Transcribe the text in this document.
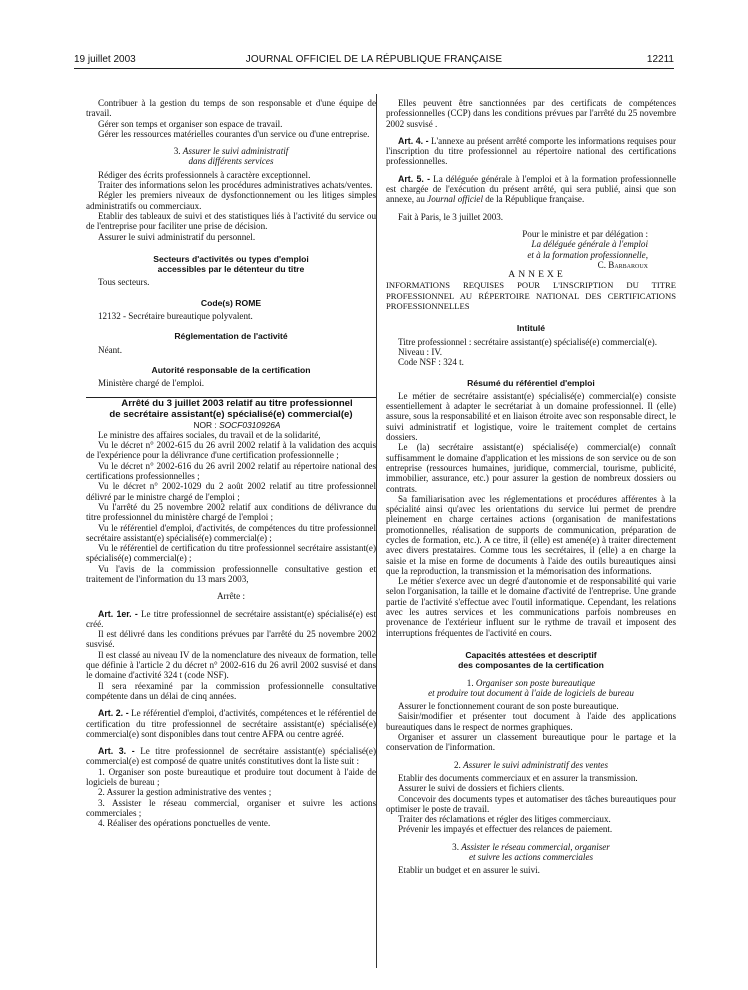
19 juillet 2003	JOURNAL OFFICIEL DE LA RÉPUBLIQUE FRANÇAISE	12211

Contribuer à la gestion du temps de son responsable et d'une équipe de travail.

Gérer son temps et organiser son espace de travail.

Gérer les ressources matérielles courantes d'un service ou d'une entreprise.

3. Assurer le suivi administratif
dans différents services

Rédiger des écrits professionnels à caractère exceptionnel.

Traiter des informations selon les procédures administratives achats/ventes.

Régler les premiers niveaux de dysfonctionnement ou les litiges simples administratifs ou commerciaux.

Etablir des tableaux de suivi et des statistiques liés à l'activité du service ou de l'entreprise pour faciliter une prise de décision.

Assurer le suivi administratif du personnel.

Secteurs d'activités ou types d'emploi
accessibles par le détenteur du titre

Tous secteurs.

Code(s) ROME

12132 - Secrétaire bureautique polyvalent.

Réglementation de l'activité

Néant.

Autorité responsable de la certification

Ministère chargé de l'emploi.

Arrêté du 3 juillet 2003 relatif au titre professionnel
de secrétaire assistant(e) spécialisé(e) commercial(e)

NOR : SOCF0310926A

Le ministre des affaires sociales, du travail et de la solidarité,

Vu le décret n° 2002-615 du 26 avril 2002 relatif à la validation des acquis de l'expérience pour la délivrance d'une certification professionnelle ;

Vu le décret n° 2002-616 du 26 avril 2002 relatif au répertoire national des certifications professionnelles ;

Vu le décret n° 2002-1029 du 2 août 2002 relatif au titre professionnel délivré par le ministre chargé de l'emploi ;

Vu l'arrêté du 25 novembre 2002 relatif aux conditions de délivrance du titre professionnel du ministère chargé de l'emploi ;

Vu le référentiel d'emploi, d'activités, de compétences du titre professionnel secrétaire assistant(e) spécialisé(e) commercial(e) ;

Vu le référentiel de certification du titre professionnel secrétaire assistant(e) spécialisé(e) commercial(e) ;

Vu l'avis de la commission professionnelle consultative gestion et traitement de l'information du 13 mars 2003,

Arrête :

Art. 1er. - Le titre professionnel de secrétaire assistant(e) spécialisé(e) est créé.

Il est délivré dans les conditions prévues par l'arrêté du 25 novembre 2002 susvisé.

Il est classé au niveau IV de la nomenclature des niveaux de formation, telle que définie à l'article 2 du décret n° 2002-616 du 26 avril 2002 susvisé et dans le domaine d'activité 324 t (code NSF).

Il sera réexaminé par la commission professionnelle consultative compétente dans un délai de cinq années.

Art. 2. - Le référentiel d'emploi, d'activités, compétences et le référentiel de certification du titre professionnel de secrétaire assistant(e) spécialisé(e) commercial(e) sont disponibles dans tout centre AFPA ou centre agréé.

Art. 3. - Le titre professionnel de secrétaire assistant(e) spécialisé(e) commercial(e) est composé de quatre unités constitutives dont la liste suit :

1. Organiser son poste bureautique et produire tout document à l'aide de logiciels de bureau ;

2. Assurer la gestion administrative des ventes ;

3. Assister le réseau commercial, organiser et suivre les actions commerciales ;

4. Réaliser des opérations ponctuelles de vente.

Elles peuvent être sanctionnées par des certificats de compétences professionnelles (CCP) dans les conditions prévues par l'arrêté du 25 novembre 2002 susvisé .

Art. 4. - L'annexe au présent arrêté comporte les informations requises pour l'inscription du titre professionnel au répertoire national des certifications professionnelles.

Art. 5. - La déléguée générale à l'emploi et à la formation professionnelle est chargée de l'exécution du présent arrêté, qui sera publié, ainsi que son annexe, au Journal officiel de la République française.

Fait à Paris, le 3 juillet 2003.

Pour le ministre et par délégation :

La déléguée générale à l'emploi

et à la formation professionnelle,

C. Barbaroux

ANNEXE

INFORMATIONS REQUISES POUR L'INSCRIPTION DU TITRE PROFESSIONNEL AU RÉPERTOIRE NATIONAL DES CERTIFICATIONS PROFESSIONNELLES

Intitulé

Titre professionnel : secrétaire assistant(e) spécialisé(e) commercial(e).

Niveau : IV.

Code NSF : 324 t.

Résumé du référentiel d'emploi

Le métier de secrétaire assistant(e) spécialisé(e) commercial(e) consiste essentiellement à adapter le secrétariat à un domaine professionnel. Il (elle) assure, sous la responsabilité et en liaison étroite avec son responsable direct, le suivi administratif et logistique, voire le traitement complet de certains dossiers.

Le (la) secrétaire assistant(e) spécialisé(e) commercial(e) connaît suffisamment le domaine d'application et les missions de son service ou de son entreprise (ressources humaines, juridique, commercial, tourisme, publicité, immobilier, assurance, etc.) pour assurer la gestion de nombreux dossiers ou contrats.

Sa familiarisation avec les réglementations et procédures afférentes à la spécialité ainsi qu'avec les orientations du service lui permet de prendre pleinement en charge certaines actions (organisation de manifestations promotionnelles, réalisation de supports de communication, préparation de cycles de formation, etc.). A ce titre, il (elle) est amené(e) à traiter directement avec divers prestataires. Comme tous les secrétaires, il (elle) a en charge la saisie et la mise en forme de documents à l'aide des outils bureautiques ainsi que la reproduction, la transmission et la mémorisation des informations.

Le métier s'exerce avec un degré d'autonomie et de responsabilité qui varie selon l'organisation, la taille et le domaine d'activité de l'entreprise. Une grande partie de l'activité s'effectue avec l'outil informatique. Cependant, les relations avec les autres services et les communications parfois nombreuses en provenance de l'extérieur influent sur le rythme de travail et imposent des interruptions fréquentes de l'activité en cours.

Capacités attestées et descriptif
des composantes de la certification

1. Organiser son poste bureautique
et produire tout document à l'aide de logiciels de bureau

Assurer le fonctionnement courant de son poste bureautique.

Saisir/modifier et présenter tout document à l'aide des applications bureautiques dans le respect de normes graphiques.

Organiser et assurer un classement bureautique pour le partage et la conservation de l'information.

2. Assurer le suivi administratif des ventes

Etablir des documents commerciaux et en assurer la transmission.

Assurer le suivi de dossiers et fichiers clients.

Concevoir des documents types et automatiser des tâches bureautiques pour optimiser le poste de travail.

Traiter des réclamations et régler des litiges commerciaux.

Prévenir les impayés et effectuer des relances de paiement.

3. Assister le réseau commercial, organiser
et suivre les actions commerciales

Etablir un budget et en assurer le suivi.
